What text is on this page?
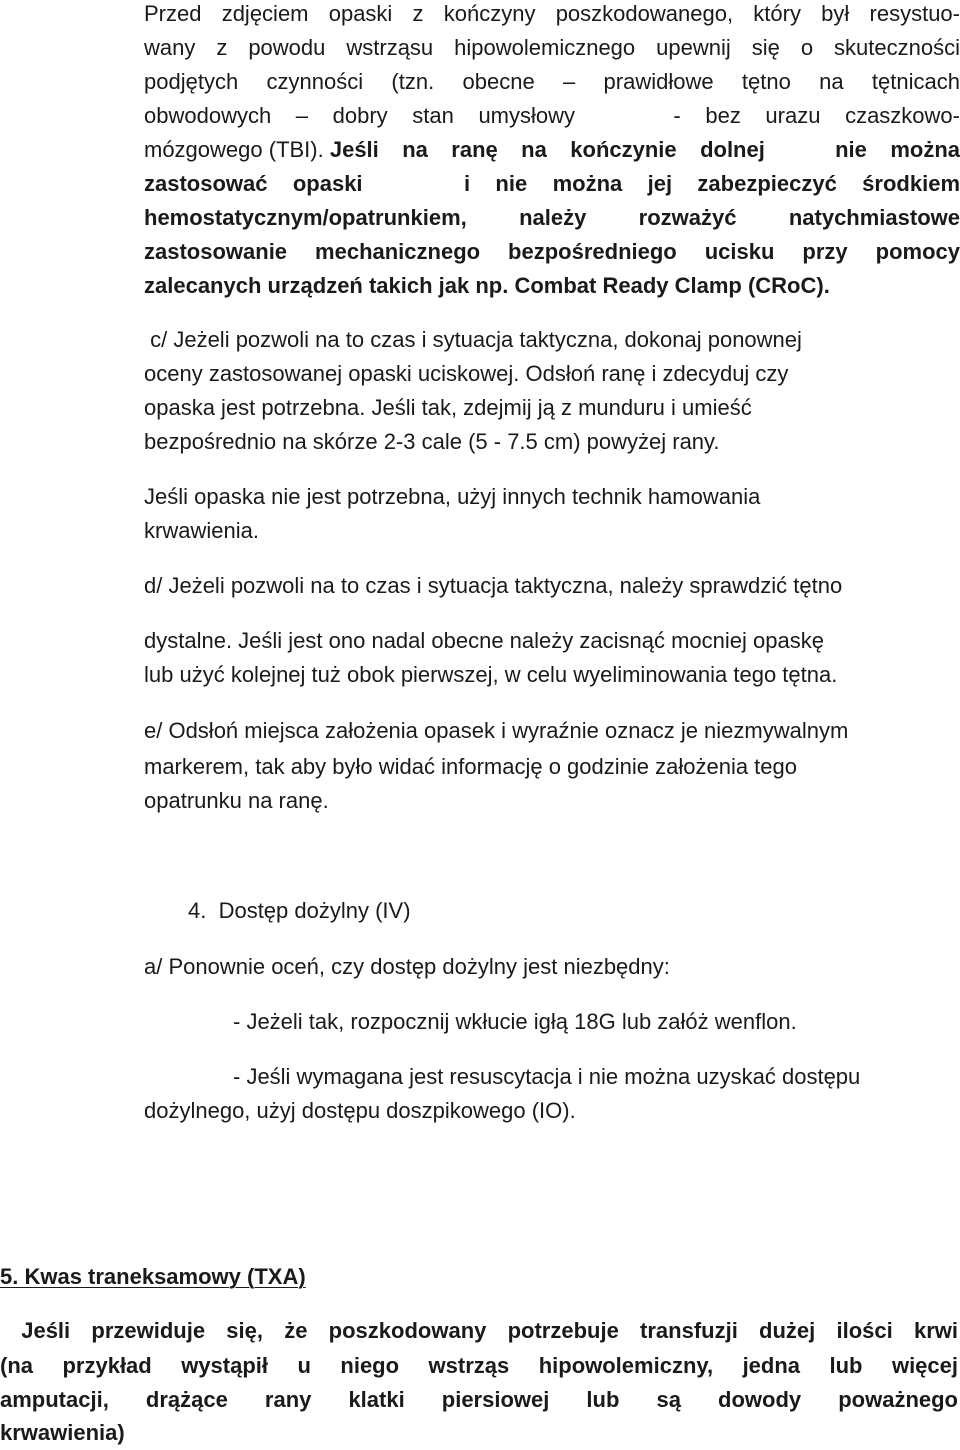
Przed zdjęciem opaski z kończyny poszkodowanego, który był resystuo-
wany z powodu wstrząsu hipowolemicznego upewnij się o skuteczności
podjętych czynności (tzn. obecne – prawidłowe tętno na tętnicach
obwodowych – dobry stan umysłowy    - bez urazu czaszkowo-
mózgowego (TBI). Jeśli na ranę na kończynie dolnej   nie można
zastosować opaski    i nie można jej zabezpieczyć środkiem
hemostatycznym/opatrunkiem, należy rozważyć natychmiastowe
zastosowanie mechanicznego bezpośredniego ucisku przy pomocy
zalecanych urządzeń takich jak np. Combat Ready Clamp (CRoC).
c/ Jeżeli pozwoli na to czas i sytuacja taktyczna, dokonaj ponownej
oceny zastosowanej opaski uciskowej. Odsłoń ranę i zdecyduj czy
opaska jest potrzebna. Jeśli tak, zdejmij ją z munduru i umieść
bezpośrednio na skórze 2-3 cale (5 - 7.5 cm) powyżej rany.
Jeśli opaska nie jest potrzebna, użyj innych technik hamowania
krwawienia.
d/ Jeżeli pozwoli na to czas i sytuacja taktyczna, należy sprawdzić tętno
dystalne. Jeśli jest ono nadal obecne należy zacisnąć mocniej opaskę
lub użyć kolejnej tuż obok pierwszej, w celu wyeliminowania tego tętna.
e/ Odsłoń miejsca założenia opasek i wyraźnie oznacz je niezmywalnym
markerem, tak aby było widać informację o godzinie założenia tego
opatrunku na ranę.
4.  Dostęp dożylny (IV)
a/ Ponownie oceń, czy dostęp dożylny jest niezbędny:
- Jeżeli tak, rozpocznij wkłucie igłą 18G lub załóż wenflon.
- Jeśli wymagana jest resuscytacja i nie można uzyskać dostępu
dożylnego, użyj dostępu doszpikowego (IO).
5. Kwas traneksamowy (TXA)
Jeśli przewiduje się, że poszkodowany potrzebuje transfuzji dużej ilości krwi
(na przykład wystąpił u niego wstrząs hipowolemiczny, jedna lub więcej
amputacji, drążące rany klatki piersiowej lub są dowody poważnego
krwawienia)
